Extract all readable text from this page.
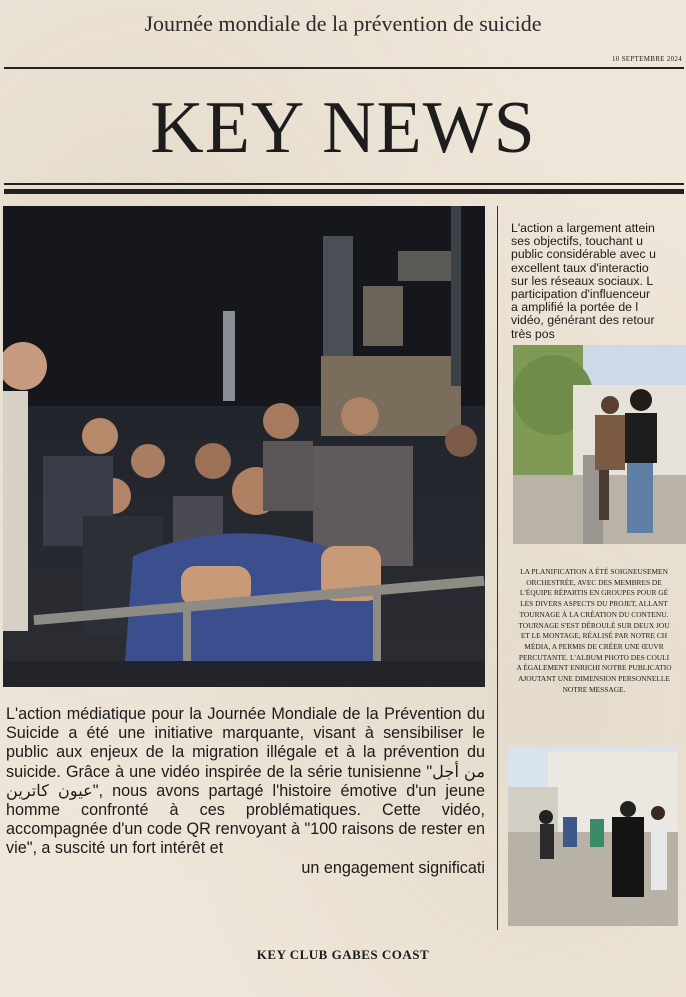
Journée mondiale de la prévention de suicide
10 SEPTEMBRE 2024
KEY NEWS
L'action médiatique pour la Journée Mondiale de la Prévention du Suicide a été une initiative marquante, visant à sensibiliser le public aux enjeux de la migration illégale et à la prévention du suicide. Grâce à une vidéo inspirée de la série tunisienne "من أجل عيون كاترين", nous avons partagé l'histoire émotive d'un jeune homme confronté à ces problématiques. Cette vidéo, accompagnée d'un code QR renvoyant à "100 raisons de rester en vie", a suscité un fort intérêt et
un engagement significati
L'action a largement attein
ses objectifs, touchant u
public considérable avec u
excellent taux d'interactio
sur les réseaux sociaux. L
participation d'influenceur
a amplifié la portée de l
vidéo, générant des retour
très pos
LA PLANIFICATION A ÉTÉ SOIGNEUSEMEN
ORCHESTRÉE, AVEC DES MEMBRES DE
L'ÉQUIPE RÉPARTIS EN GROUPES POUR GÉ
LES DIVERS ASPECTS DU PROJET, ALLANT
TOURNAGE À LA CRÉATION DU CONTENU.
TOURNAGE S'EST DÉROULÉ SUR DEUX JOU
ET LE MONTAGE, RÉALISÉ PAR NOTRE CH
MÉDIA, A PERMIS DE CRÉER UNE ŒUVR
PERCUTANTE. L'ALBUM PHOTO DES COULI
A ÉGALEMENT ENRICHI NOTRE PUBLICATIO
AJOUTANT UNE DIMENSION PERSONNELLE
NOTRE MESSAGE.
KEY CLUB GABES COAST
